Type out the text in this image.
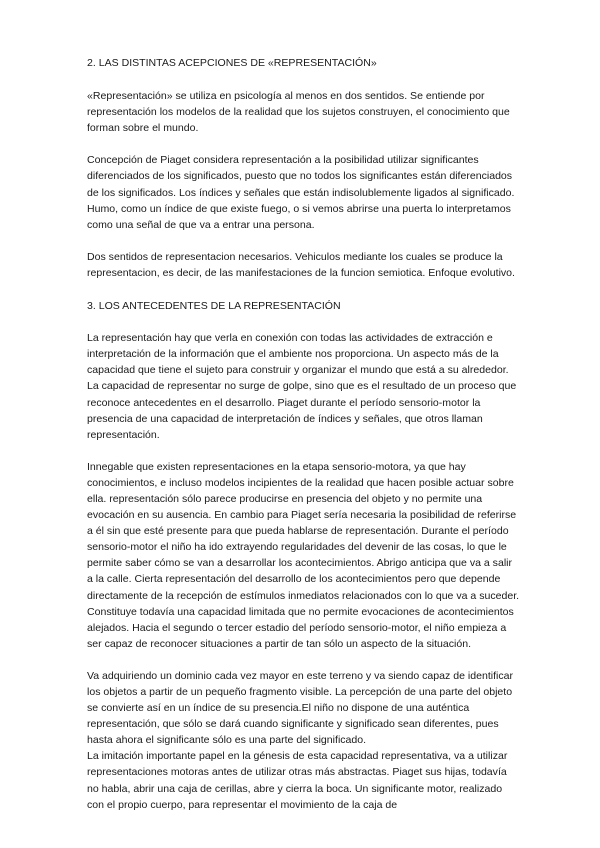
2. LAS DISTINTAS ACEPCIONES DE «REPRESENTACIÓN»

«Representación» se utiliza en psicología al menos en dos sentidos. Se entiende por representación los modelos de la realidad que los sujetos construyen, el conocimiento que forman sobre el mundo.

Concepción de Piaget considera representación a la posibilidad utilizar significantes diferenciados de los significados, puesto que no todos los significantes están diferenciados de los significados. Los índices y señales que están indisolublemente ligados al significado. Humo, como un índice de que existe fuego, o si vemos abrirse una puerta lo interpretamos como una señal de que va a entrar una persona.

Dos sentidos de representacion necesarios. Vehiculos mediante los cuales se produce la representacion, es decir, de las manifestaciones de la funcion semiotica. Enfoque evolutivo.

3. LOS ANTECEDENTES DE LA REPRESENTACIÓN

La representación hay que verla en conexión con todas las actividades de extracción e interpretación de la información que el ambiente nos proporciona. Un aspecto más de la capacidad que tiene el sujeto para construir y organizar el mundo que está a su alrededor. La capacidad de representar no surge de golpe, sino que es el resultado de un proceso que reconoce antecedentes en el desarrollo. Piaget durante el período sensorio-motor la presencia de una capacidad de interpretación de índices y señales, que otros llaman representación.

Innegable que existen representaciones en la etapa sensorio-motora, ya que hay conocimientos, e incluso modelos incipientes de la realidad que hacen posible actuar sobre ella. representación sólo parece producirse en presencia del objeto y no permite una evocación en su ausencia. En cambio para Piaget sería necesaria la posibilidad de referirse a él sin que esté presente para que pueda hablarse de representación. Durante el período sensorio-motor el niño ha ido extrayendo regularidades del devenir de las cosas, lo que le permite saber cómo se van a desarrollar los acontecimientos. Abrigo anticipa que va a salir a la calle. Cierta representación del desarrollo de los acontecimientos pero que depende directamente de la recepción de estímulos inmediatos relacionados con lo que va a suceder. Constituye todavía una capacidad limitada que no permite evocaciones de acontecimientos alejados. Hacia el segundo o tercer estadio del período sensorio-motor, el niño empieza a ser capaz de reconocer situaciones a partir de tan sólo un aspecto de la situación.

Va adquiriendo un dominio cada vez mayor en este terreno y va siendo capaz de identificar los objetos a partir de un pequeño fragmento visible. La percepción de una parte del objeto se convierte así en un índice de su presencia.El niño no dispone de una auténtica representación, que sólo se dará cuando significante y significado sean diferentes, pues hasta ahora el significante sólo es una parte del significado.

La imitación importante papel en la génesis de esta capacidad representativa, va a utilizar representaciones motoras antes de utilizar otras más abstractas. Piaget sus hijas, todavía no habla, abrir una caja de cerillas, abre y cierra la boca. Un significante motor, realizado con el propio cuerpo, para representar el movimiento de la caja de
